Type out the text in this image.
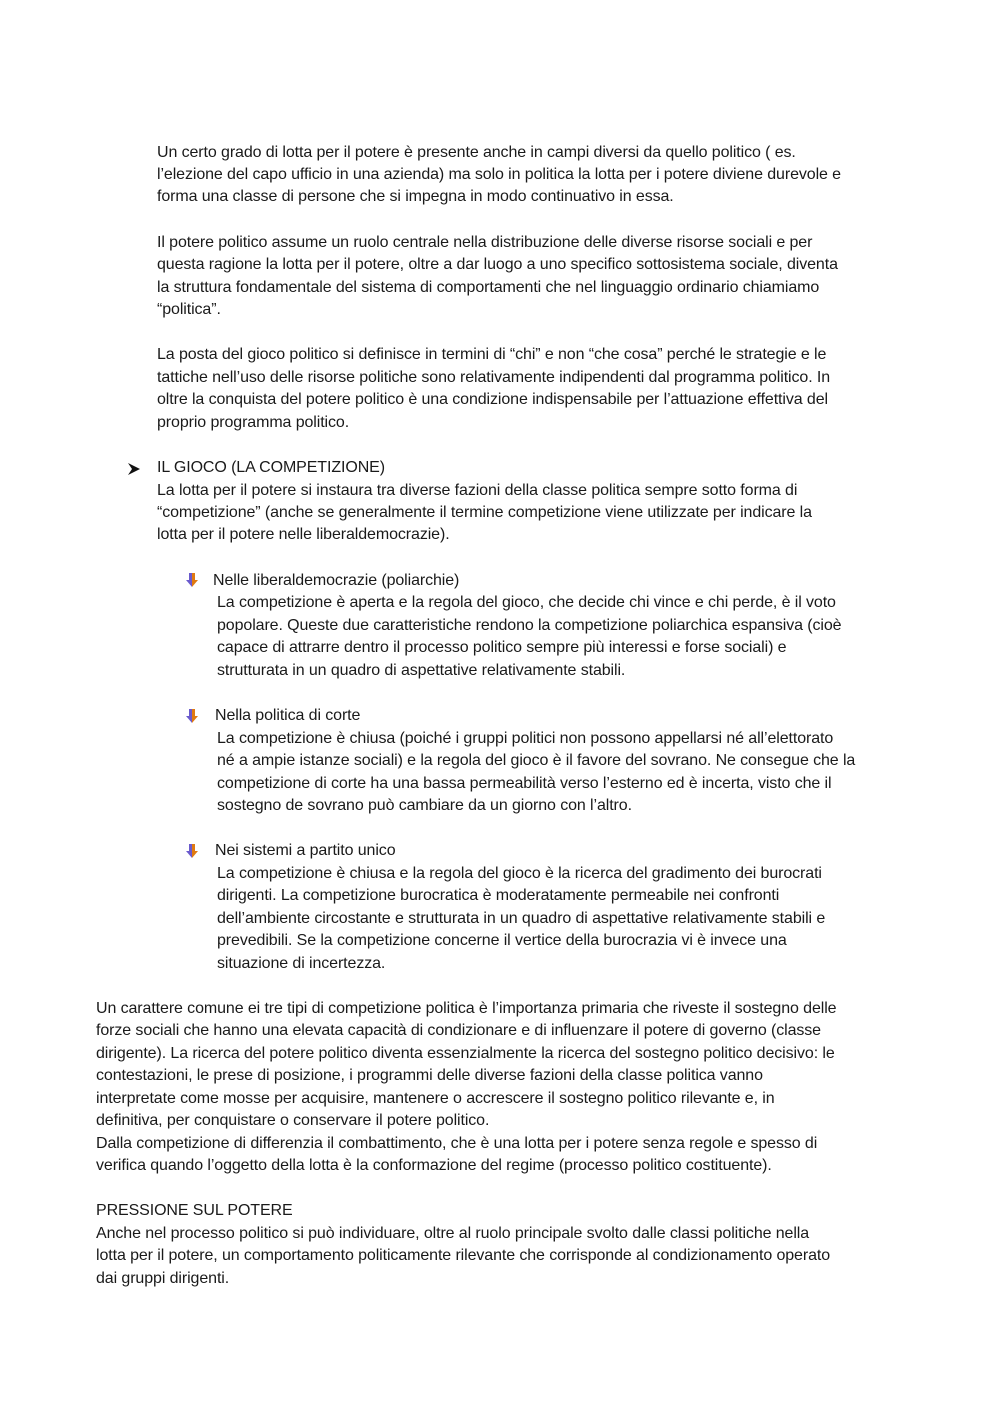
Un certo grado di lotta per il potere è presente anche in campi diversi da quello politico ( es.
l’elezione del capo ufficio in una azienda) ma solo in politica la lotta per i potere diviene durevole e
forma una classe di persone che si impegna in modo continuativo in essa.
Il potere politico assume un ruolo centrale nella distribuzione delle diverse risorse sociali e per
questa ragione la lotta per il potere, oltre a dar luogo a uno specifico sottosistema sociale, diventa
la struttura fondamentale del sistema di comportamenti che nel linguaggio ordinario chiamiamo
“politica”.
La posta del gioco politico si definisce in termini di “chi” e non “che cosa” perché le strategie e le
tattiche nell’uso delle risorse politiche sono relativamente indipendenti dal programma politico. In
oltre la conquista del potere politico è una condizione indispensabile per l’attuazione effettiva del
proprio programma politico.
IL GIOCO (LA COMPETIZIONE)
La lotta per il potere si instaura tra diverse fazioni della classe politica sempre sotto forma di
“competizione” (anche se generalmente il termine competizione viene utilizzate per indicare la
lotta per il potere nelle liberaldemocrazie).
Nelle liberaldemocrazie (poliarchie)
La competizione è aperta e la regola del gioco, che decide chi vince e chi perde, è il voto
popolare. Queste due caratteristiche rendono la competizione poliarchica espansiva (cioè
capace di attrarre dentro il processo politico sempre più interessi e forse sociali) e
strutturata in un quadro di aspettative relativamente stabili.
Nella politica di corte
La competizione è chiusa (poiché i gruppi politici non possono appellarsi né all’elettorato
né a ampie istanze sociali) e la regola del gioco è il favore del sovrano. Ne consegue che la
competizione di corte ha una bassa permeabilità verso l’esterno ed è incerta, visto che il
sostegno de sovrano può cambiare da un giorno con l’altro.
Nei sistemi a partito unico
La competizione è chiusa e la regola del gioco è la ricerca del gradimento dei burocrati
dirigenti. La competizione burocratica è moderatamente permeabile nei confronti
dell’ambiente circostante e strutturata in un quadro di aspettative relativamente stabili e
prevedibili. Se la competizione concerne il vertice della burocrazia vi è invece una
situazione di incertezza.
Un carattere comune ei tre tipi di competizione politica è l’importanza primaria che riveste il sostegno delle
forze sociali che hanno una elevata capacità di condizionare e di influenzare il potere di governo (classe
dirigente). La ricerca del potere politico diventa essenzialmente la ricerca del sostegno politico decisivo: le
contestazioni, le prese di posizione, i programmi delle diverse fazioni della classe politica vanno
interpretate come mosse per acquisire, mantenere o accrescere il sostegno politico rilevante e, in
definitiva, per conquistare o conservare il potere politico.
Dalla competizione di differenzia il combattimento, che è una lotta per i potere senza regole e spesso di
verifica quando l’oggetto della lotta è la conformazione del regime (processo politico costituente).
PRESSIONE SUL POTERE
Anche nel processo politico si può individuare, oltre al ruolo principale svolto dalle classi politiche nella
lotta per il potere, un comportamento politicamente rilevante che corrisponde al condizionamento operato
dai gruppi dirigenti.
